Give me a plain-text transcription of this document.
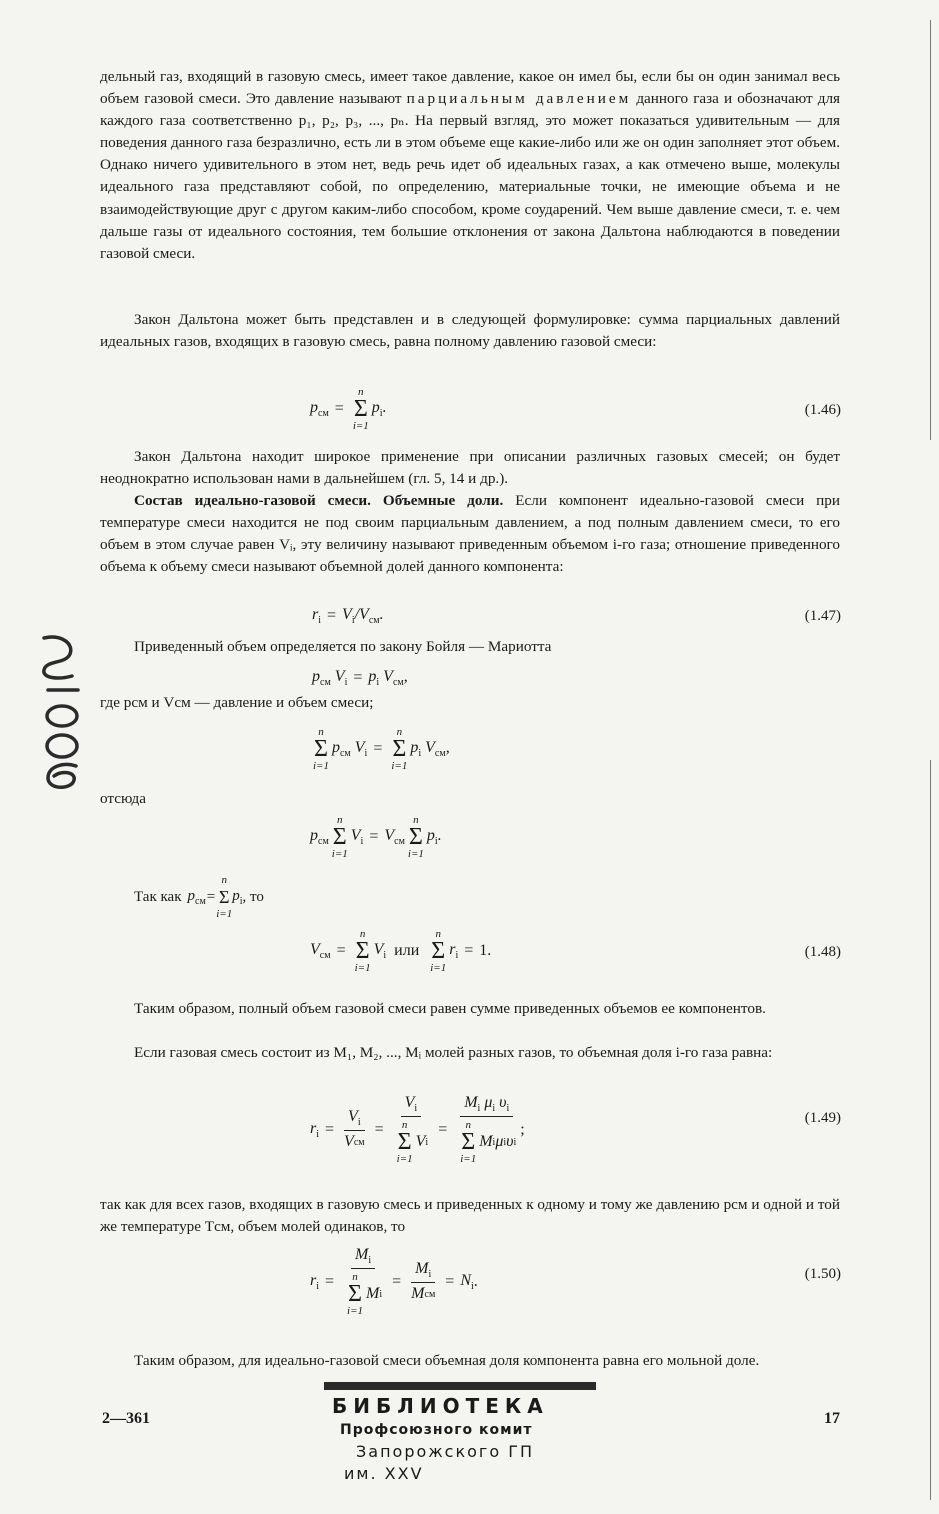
дельный газ, входящий в газовую смесь, имеет такое давление, какое он имел бы, если бы он один занимал весь объем газовой смеси. Это давление называют парциальным давлением данного газа и обозначают для каждого газа соответственно p₁, p₂, p₃, ..., pₙ. На первый взгляд, это может показаться удивительным — для поведения данного газа безразлично, есть ли в этом объеме еще какие-либо или же он один заполняет этот объем. Однако ничего удивительного в этом нет, ведь речь идет об идеальных газах, а как отмечено выше, молекулы идеального газа представляют собой, по определению, материальные точки, не имеющие объема и не взаимодействующие друг с другом каким-либо способом, кроме соударений. Чем выше давление смеси, т. е. чем дальше газы от идеального состояния, тем большие отклонения от закона Дальтона наблюдаются в поведении газовой смеси.

Закон Дальтона может быть представлен и в следующей формулировке: сумма парциальных давлений идеальных газов, входящих в газовую смесь, равна полному давлению газовой смеси:

$p_{см}$ =
n
Σ
i=1
$p_i$.	(1.46)

Закон Дальтона находит широкое применение при описании различных газовых смесей; он будет неоднократно использован нами в дальнейшем (гл. 5, 14 и др.).

Состав идеально-газовой смеси. Объемные доли. Если компонент идеально-газовой смеси при температуре смеси находится не под своим парциальным давлением, а под полным давлением смеси, то его объем в этом случае равен Vᵢ, эту величину называют приведенным объемом i-го газа; отношение приведенного объема к объему смеси называют объемной долей данного компонента:

$r_i = V_i/V_{см}$.	(1.47)

Приведенный объем определяется по закону Бойля — Мариотта

$p_{см}$ $V_i = p_i$ $V_{см}$,

где pсм и Vсм — давление и объем смеси;

n
Σ
i=1
$p_{см}$ $V_i$ =
n
Σ
i=1
$p_i$ $V_{см}$,

отсюда

$p_{см}$
n
Σ
i=1
$V_i = V_{см}$
n
Σ
i=1
$p_i$.
Так как $p_{см}$ =
n
Σ
i=1
$p_i$ , то
$V_{см}$ =
n
Σ
i=1
$V_i$ или
n
Σ
i=1
$r_i = 1$.	(1.48)

Таким образом, полный объем газовой смеси равен сумме приведенных объемов ее компонентов.

Если газовая смесь состоит из M₁, M₂, ..., Mᵢ молей разных газов, то объемная доля i-го газа равна:

$r_i = \frac{V_i}{\text{V см}} = V_i$
n
Σ
i=1
V $i = M_i$ $\mu_i$ $\upsilon_i$
n
Σ
i=1
M i μ i υ i ;
(1.49)

так как для всех газов, входящих в газовую смесь и приведенных к одному и тому же давлению pсм и одной и той же температуре Tсм, объем молей одинаков, то

$r_i = M_i$
n
Σ
i=1
M $i = \frac{M_i}{\text{M см}} = N_i$ .	(1.50)

Таким образом, для идеально-газовой смеси объемная доля компонента равна его мольной доле.

БИБЛИОТЕКА
Профсоюзного комит
Запорожского ГП
им. XXV
2—361	17
